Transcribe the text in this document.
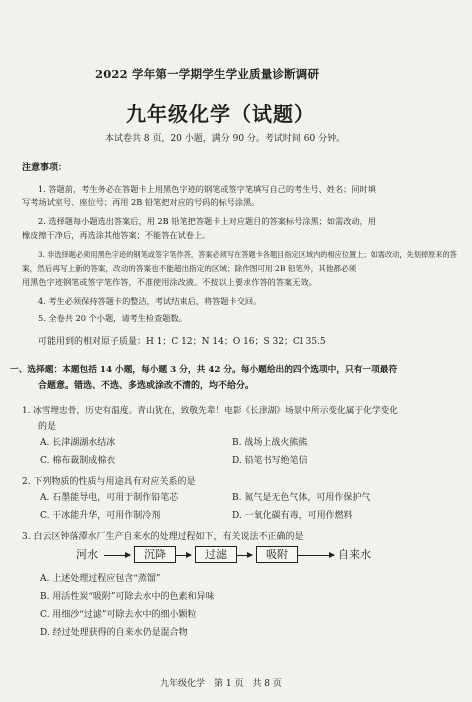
2022 学年第一学期学生学业质量诊断调研
九年级化学（试题）
本试卷共 8 页，20 小题，满分 90 分。考试时间 60 分钟。
注意事项：
1. 答题前，考生务必在答题卡上用黑色字迹的钢笔或签字笔填写自己的考生号、姓名；同时填
写考场试室号、座位号；再用 2B 铅笔把对应的号码的标号涂黑。
2. 选择题每小题选出答案后，用 2B 铅笔把答题卡上对应题目的答案标号涂黑；如需改动，用
橡皮擦干净后，再选涂其他答案；不能答在试卷上。
3. 非选择题必须用黑色字迹的钢笔或签字笔作答，答案必须写在答题卡各题目指定区域内的相应位置上；如需改动，先划掉原来的答
案，然后再写上新的答案，改动的答案也不能超出指定的区域；除作图可用 2B 铅笔外，其他都必须
用黑色字迹钢笔或签字笔作答，不准使用涂改液。不按以上要求作答的答案无效。
4. 考生必须保持答题卡的整洁，考试结束后，将答题卡交回。
5. 全卷共 20 个小题，请考生检查题数。
可能用到的相对原子质量：H 1；C 12；N 14；O 16；S 32；Cl 35.5
一、选择题：本题包括 14 小题，每小题 3 分，共 42 分。每小题给出的四个选项中，只有一项最符
合题意。错选、不选、多选或涂改不清的，均不给分。
1. 冰雪埋忠骨，历史有温度。青山犹在，致敬先辈！电影《长津湖》场景中所示变化属于化学变化
的是
A. 长津湖湖水结冰	B. 战场上战火熊熊
C. 棉布裁制成棉衣	D. 铅笔书写绝笔信
2. 下列物质的性质与用途具有对应关系的是
A. 石墨能导电，可用于制作铅笔芯	B. 氮气是无色气体，可用作保护气
C. 干冰能升华，可用作制冷剂	D. 一氧化碳有毒，可用作燃料
3. 白云区钟落潭水厂生产自来水的处理过程如下，有关说法不正确的是
河水	沉降	过滤	吸附	自来水
A. 上述处理过程应包含“蒸馏”
B. 用活性炭“吸附”可除去水中的色素和异味
C. 用细沙“过滤”可除去水中的细小颗粒
D. 经过处理获得的自来水仍是混合物
九年级化学　第 1 页　共 8 页
